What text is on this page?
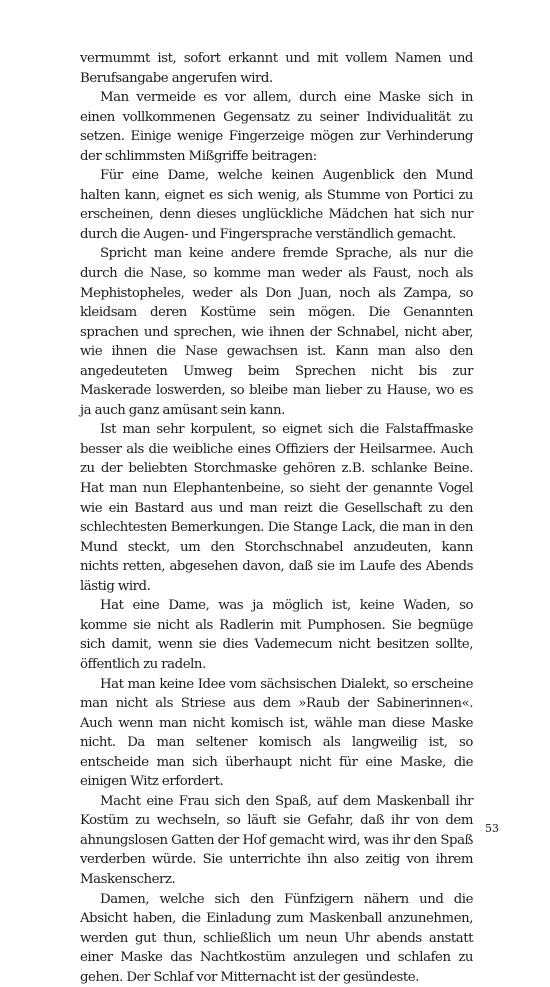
vermummt ist, sofort erkannt und mit vollem Namen und Berufsangabe angerufen wird.

Man vermeide es vor allem, durch eine Maske sich in einen vollkommenen Gegensatz zu seiner Individualität zu setzen. Einige wenige Fingerzeige mögen zur Verhinderung der schlimmsten Mißgriffe beitragen:

Für eine Dame, welche keinen Augenblick den Mund halten kann, eignet es sich wenig, als Stumme von Portici zu erscheinen, denn dieses unglückliche Mädchen hat sich nur durch die Augen- und Fingersprache verständlich gemacht.

Spricht man keine andere fremde Sprache, als nur die durch die Nase, so komme man weder als Faust, noch als Mephistopheles, weder als Don Juan, noch als Zampa, so kleidsam deren Kostüme sein mögen. Die Genannten sprachen und sprechen, wie ihnen der Schnabel, nicht aber, wie ihnen die Nase gewachsen ist. Kann man also den angedeuteten Umweg beim Sprechen nicht bis zur Maskerade loswerden, so bleibe man lieber zu Hause, wo es ja auch ganz amüsant sein kann.

Ist man sehr korpulent, so eignet sich die Falstaffmaske besser als die weibliche eines Offiziers der Heilsarmee. Auch zu der beliebten Storchmaske gehören z.B. schlanke Beine. Hat man nun Elephantenbeine, so sieht der genannte Vogel wie ein Bastard aus und man reizt die Gesellschaft zu den schlechtesten Bemerkungen. Die Stange Lack, die man in den Mund steckt, um den Storchschnabel anzudeuten, kann nichts retten, abgesehen davon, daß sie im Laufe des Abends lästig wird.

Hat eine Dame, was ja möglich ist, keine Waden, so komme sie nicht als Radlerin mit Pumphosen. Sie begnüge sich damit, wenn sie dies Vademecum nicht besitzen sollte, öffentlich zu radeln.

Hat man keine Idee vom sächsischen Dialekt, so erscheine man nicht als Striese aus dem »Raub der Sabinerinnen«. Auch wenn man nicht komisch ist, wähle man diese Maske nicht. Da man seltener komisch als langweilig ist, so entscheide man sich überhaupt nicht für eine Maske, die einigen Witz erfordert.

Macht eine Frau sich den Spaß, auf dem Maskenball ihr Kostüm zu wechseln, so läuft sie Gefahr, daß ihr von dem ahnungslosen Gatten der Hof gemacht wird, was ihr den Spaß verderben würde. Sie unterrichte ihn also zeitig von ihrem Maskenscherz.

Damen, welche sich den Fünfzigern nähern und die Absicht haben, die Einladung zum Maskenball anzunehmen, werden gut thun, schließlich um neun Uhr abends anstatt einer Maske das Nachtkostüm anzulegen und schlafen zu gehen. Der Schlaf vor Mitternacht ist der gesündeste.

53
